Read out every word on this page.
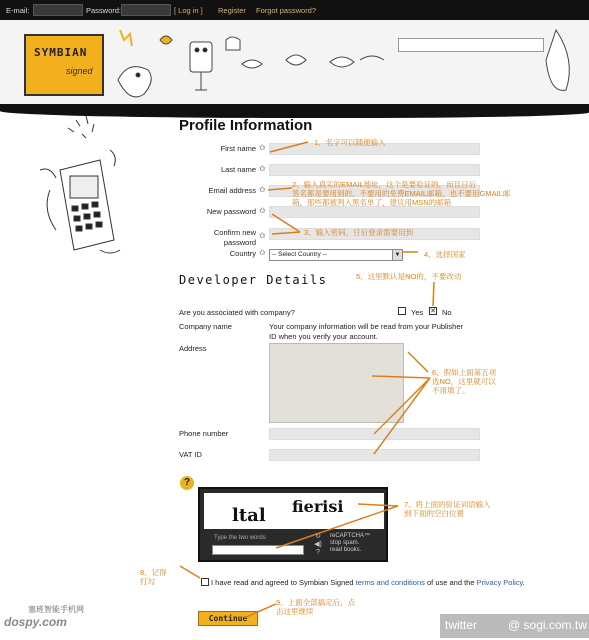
E-mail:	Password:	[ Log in ] Register Forgot password?
SYMBIAN
signed
Profile Information
First name ✩
Last name ✩
Email address ✩
New password ✩
Confirm new
password
✩
Country ✩ -- Select Country --	▼
Developer Details
Are you associated with company?	Yes ✕ No
Company name	Your company information will be read from your Publisher ID when you verify your account.
Address
Phone number
VAT ID
?
ltal fierisi
Type the two words	↻
◀)
?
reCAPTCHA™
stop spam.
read books.
I have read and agreed to Symbian Signed terms and conditions of use and the Privacy Policy.
Continue
1、名字可以随便输入
2、输入真实的EMAIL地址，这个是要验证的，而且日后
签名都是要用到的。不要用的免费EMAIL邮箱，也不要用GMAIL邮
箱，那些都被列入黑名单了，建议用MSN的邮箱
3、输入密码，日后登录需要用到
4、选择国家
5、这里默认是NO的，不要改动
6、假如上面第五项
选NO，这里就可以
不用填了。
7、将上面的验证词语输入
到下面的空白位置
8、记得
打勾
9、上面全部搞定后，点
击这里继续
塞班智能手机网
dospy.com	twitter	@ sogi.com.tw
